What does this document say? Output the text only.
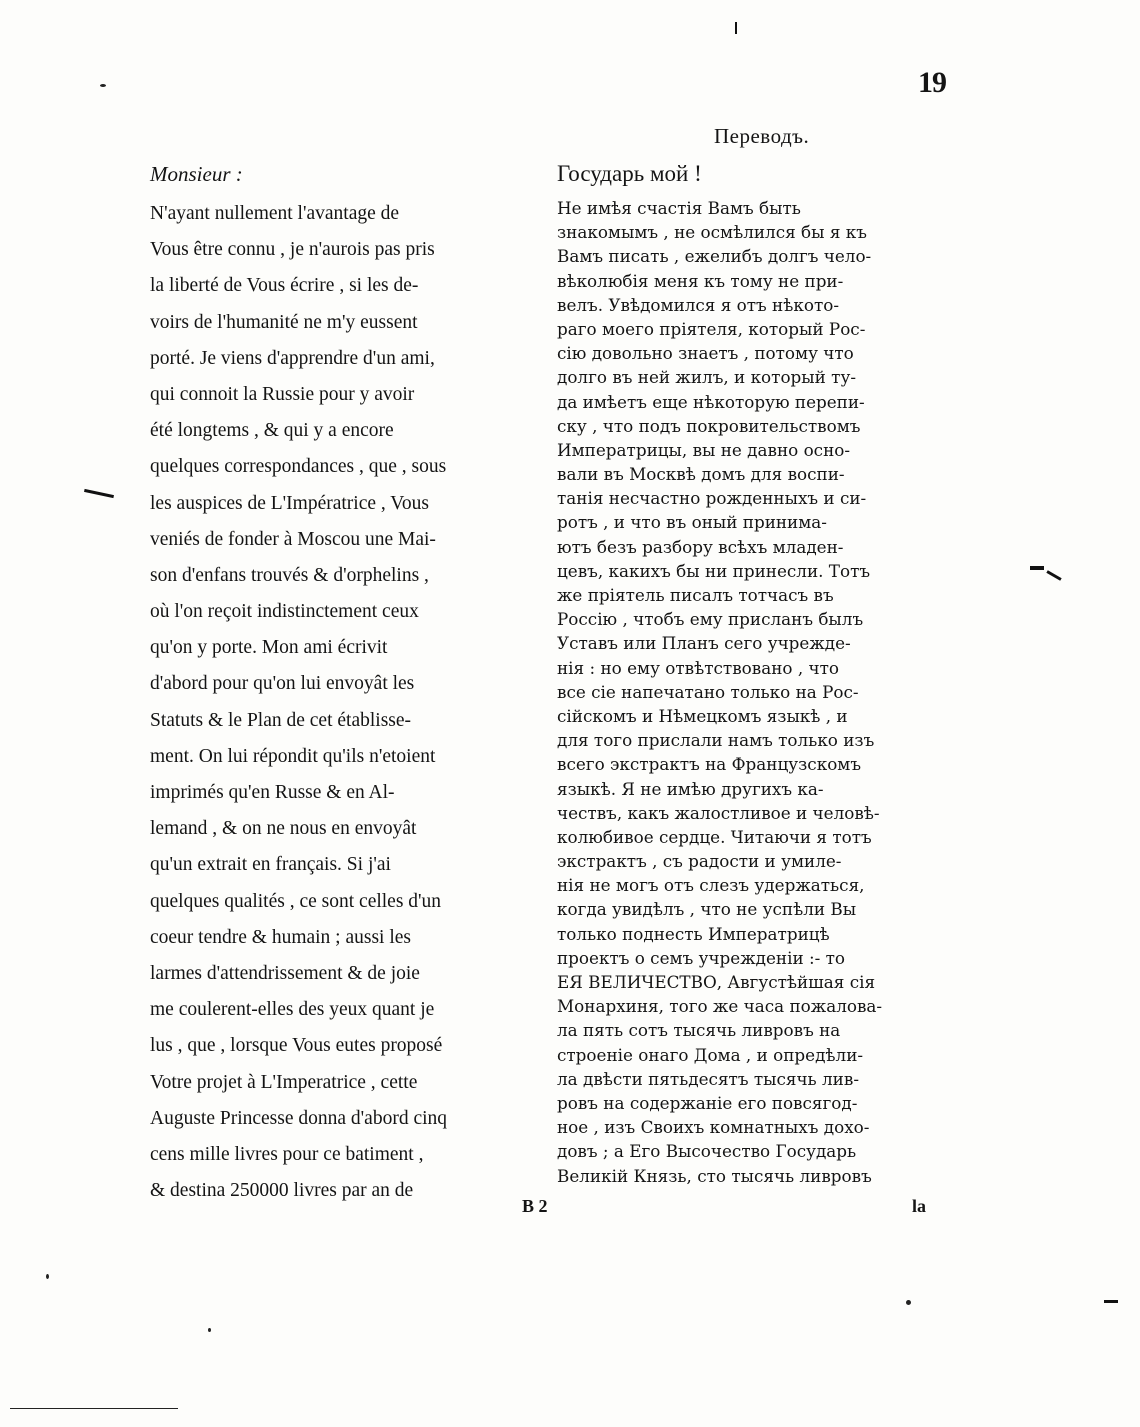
19
Переводъ.
Monsieur :
N'ayant nullement l'avantage de
Vous être connu , je n'aurois pas pris
la liberté de Vous écrire , si les de-
voirs de l'humanité ne m'y eussent
porté. Je viens d'apprendre d'un ami,
qui connoit la Russie pour y avoir
été longtems , & qui y a encore
quelques correspondances , que , sous
les auspices de L'Impératrice , Vous
veniés de fonder à Moscou une Mai-
son d'enfans trouvés & d'orphelins ,
où l'on reçoit indistinctement ceux
qu'on y porte. Mon ami écrivit
d'abord pour qu'on lui envoyât les
Statuts & le Plan de cet établisse-
ment. On lui répondit qu'ils n'etoient
imprimés qu'en Russe & en Al-
lemand , & on ne nous en envoyât
qu'un extrait en français. Si j'ai
quelques qualités , ce sont celles d'un
coeur tendre & humain ; aussi les
larmes d'attendrissement & de joie
me coulerent-elles des yeux quant je
lus , que , lorsque Vous eutes proposé
Votre projet à L'Imperatrice , cette
Auguste Princesse donna d'abord cinq
cens mille livres pour ce batiment ,
& destina 250000 livres par an de
Государь мой !
Не имѣя счастія Вамъ быть
знакомымъ , не осмѣлился бы я къ
Вамъ писать , ежелибъ долгъ чело-
вѣколюбія меня къ тому не при-
велъ. Увѣдомился я отъ нѣкото-
раго моего пріятеля, который Рос-
сію довольно знаетъ , потому что
долго въ ней жилъ, и который ту-
да имѣетъ еще нѣкоторую перепи-
ску , что подъ покровительствомъ
Императрицы, вы не давно осно-
вали въ Москвѣ домъ для воспи-
танія несчастно рожденныхъ и си-
ротъ , и что въ оный принима-
ютъ безъ разбору всѣхъ младен-
цевъ, какихъ бы ни принесли. Тотъ
же пріятель писалъ тотчасъ въ
Россію , чтобъ ему присланъ былъ
Уставъ или Планъ сего учрежде-
нія : но ему отвѣтствовано , что
все сіе напечатано только на Рос-
сійскомъ и Нѣмецкомъ языкѣ , и
для того прислали намъ только изъ
всего экстрактъ на Французскомъ
языкѣ. Я не имѣю другихъ ка-
чествъ, какъ жалостливое и человѣ-
колюбивое сердце. Читаючи я тотъ
экстрактъ , съ радости и умиле-
нія не могъ отъ слезъ удержаться,
когда увидѣлъ , что не успѣли Вы
только поднесть Императрицѣ
проектъ о семъ учрежденіи :- то
ЕЯ ВЕЛИЧЕСТВО, Августѣйшая сія
Монархиня, того же часа пожалова-
ла пять сотъ тысячь ливровъ на
строеніе онаго Дома , и опредѣли-
ла двѣсти пятьдесятъ тысячь лив-
ровъ на содержаніе его повсягод-
ное , изъ Своихъ комнатныхъ дохо-
довъ ; а Его Высочество Государь
Великій Князь, сто тысячь ливровъ
B 2	la
